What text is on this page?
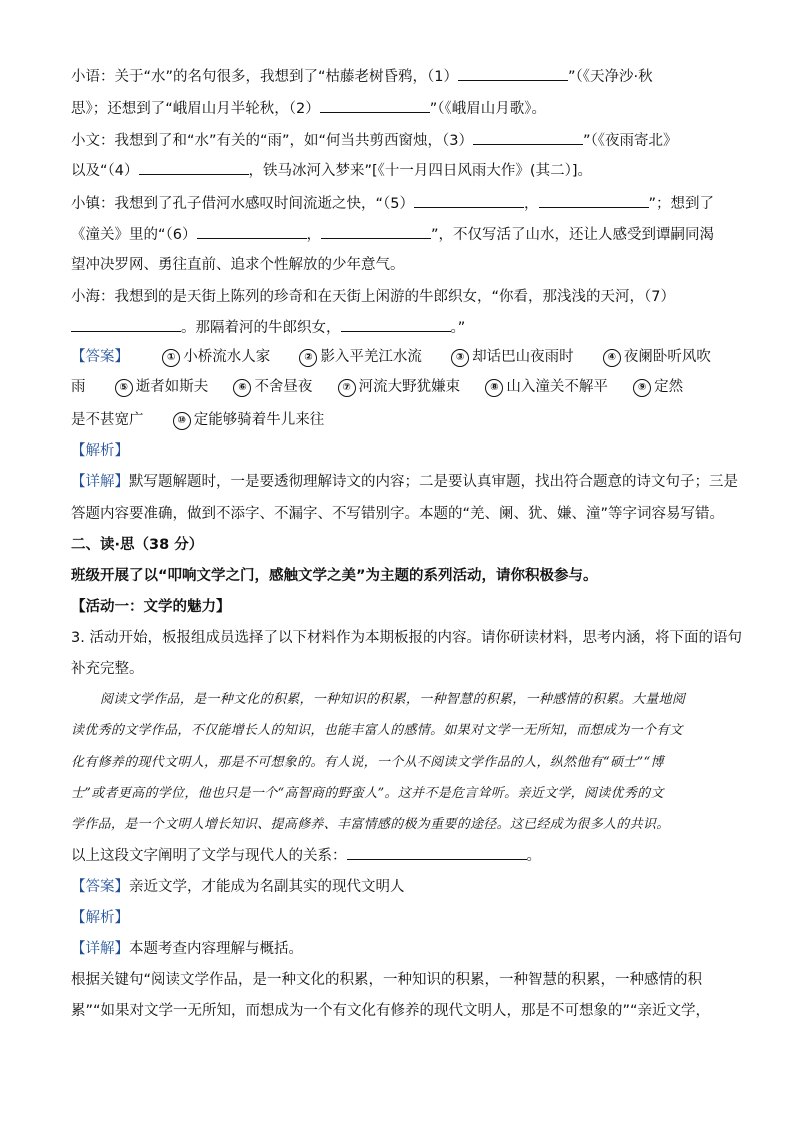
小语：关于“水”的名句很多，我想到了“枯藤老树昏鸦，（1）	”（《天净沙·秋
思》；还想到了“峨眉山月半轮秋，（2）	”（《峨眉山月歌》。
小文：我想到了和“水”有关的“雨”，如“何当共剪西窗烛，（3）	”（《夜雨寄北》
以及“（4）	，铁马冰河入梦来”[《十一月四日风雨大作》(其二）]。
小镇：我想到了孔子借河水感叹时间流逝之快，“（5）	，	”；想到了
《潼关》里的“（6）	，	”，不仅写活了山水，还让人感受到谭嗣同渴
望冲决罗网、勇往直前、追求个性解放的少年意气。
小海：我想到的是天街上陈列的珍奇和在天街上闲游的牛郎织女，“你看，那浅浅的天河，（7）
。那隔着河的牛郎织女，	。”
【答案】	① 小桥流水人家	② 影入平羌江水流	③ 却话巴山夜雨时	④ 夜阑卧听风吹
雨	⑤ 逝者如斯夫	⑥ 不舍昼夜	⑦ 河流大野犹嫌束	⑧ 山入潼关不解平	⑨ 定然
是不甚宽广	⑩ 定能够骑着牛儿来往
【解析】
【详解】默写题解题时，一是要透彻理解诗文的内容；二是要认真审题，找出符合题意的诗文句子；三是
答题内容要准确，做到不添字、不漏字、不写错别字。本题的“羌、阑、犹、嫌、潼”等字词容易写错。
二、读·思（38 分）
班级开展了以“叩响文学之门，感触文学之美”为主题的系列活动，请你积极参与。
【活动一：文学的魅力】
3. 活动开始，板报组成员选择了以下材料作为本期板报的内容。请你研读材料，思考内涵，将下面的语句
补充完整。
阅读文学作品，是一种文化的积累，一种知识的积累，一种智慧的积累，一种感情的积累。大量地阅
读优秀的文学作品，不仅能增长人的知识，也能丰富人的感情。如果对文学一无所知，而想成为一个有文
化有修养的现代文明人，那是不可想象的。有人说，一个从不阅读文学作品的人，纵然他有“硕士”“博
士”或者更高的学位，他也只是一个“高智商的野蛮人”。这并不是危言耸听。亲近文学，阅读优秀的文
学作品，是一个文明人增长知识、提高修养、丰富情感的极为重要的途径。这已经成为很多人的共识。
以上这段文字阐明了文学与现代人的关系：	。
【答案】亲近文学，才能成为名副其实的现代文明人
【解析】
【详解】本题考查内容理解与概括。
根据关键句“阅读文学作品，是一种文化的积累，一种知识的积累，一种智慧的积累，一种感情的积
累”“如果对文学一无所知，而想成为一个有文化有修养的现代文明人，那是不可想象的”“亲近文学，
